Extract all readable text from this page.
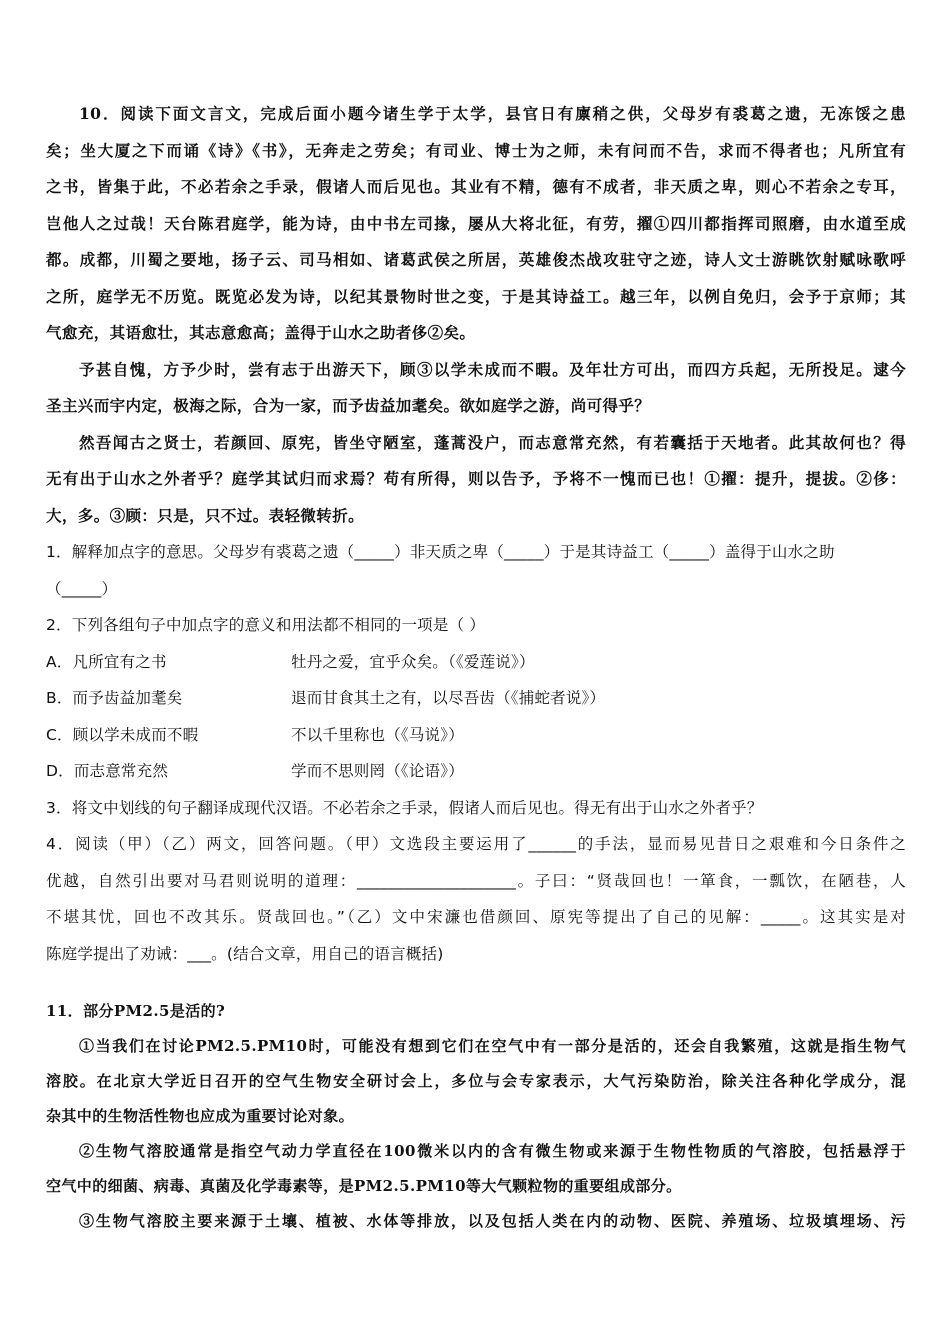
10．阅读下面文言文，完成后面小题今诸生学于太学，县官日有廪稍之供，父母岁有裘葛之遗，无冻馁之患
矣；坐大厦之下而诵《诗》《书》，无奔走之劳矣；有司业、博士为之师，未有问而不告，求而不得者也；凡所宜有
之书，皆集于此，不必若余之手录，假诸人而后见也。其业有不精，德有不成者，非天质之卑，则心不若余之专耳，
岂他人之过哉！天台陈君庭学，能为诗，由中书左司掾，屡从大将北征，有劳，擢①四川都指挥司照磨，由水道至成
都。成都，川蜀之要地，扬子云、司马相如、诸葛武侯之所居，英雄俊杰战攻驻守之迹，诗人文士游眺饮射赋咏歌呼
之所，庭学无不历览。既览必发为诗，以纪其景物时世之变，于是其诗益工。越三年，以例自免归，会予于京师；其
气愈充，其语愈壮，其志意愈高；盖得于山水之助者侈②矣。
予甚自愧，方予少时，尝有志于出游天下，顾③以学未成而不暇。及年壮方可出，而四方兵起，无所投足。逮今
圣主兴而宇内定，极海之际，合为一家，而予齿益加耄矣。欲如庭学之游，尚可得乎？
然吾闻古之贤士，若颜回、原宪，皆坐守陋室，蓬蒿没户，而志意常充然，有若囊括于天地者。此其故何也？得
无有出于山水之外者乎？庭学其试归而求焉？苟有所得，则以告予，予将不一愧而已也！①擢：提升，提拔。②侈：
大，多。③顾：只是，只不过。表轻微转折。
1．解释加点字的意思。父母岁有裘葛之遗（_____）非天质之卑（_____）于是其诗益工（_____）盖得于山水之助
（_____）
2．下列各组句子中加点字的意义和用法都不相同的一项是（ ）
A．凡所宜有之书	牡丹之爱，宜乎众矣。（《爱莲说》）
B．而予齿益加耄矣	退而甘食其土之有，以尽吾齿（《捕蛇者说》）
C．顾以学未成而不暇	不以千里称也（《马说》）
D．而志意常充然	学而不思则罔（《论语》）
3．将文中划线的句子翻译成现代汉语。不必若余之手录，假诸人而后见也。得无有出于山水之外者乎？
4．阅读（甲）（乙）两文，回答问题。（甲）文选段主要运用了______的手法，显而易见昔日之艰难和今日条件之
优越，自然引出要对马君则说明的道理：____________________。子曰：“贤哉回也！一箪食，一瓢饮，在陋巷，人
不堪其忧，回也不改其乐。贤哉回也。”（乙）文中宋濂也借颜回、原宪等提出了自己的见解：_____。这其实是对
陈庭学提出了劝诫：___。(结合文章，用自己的语言概括)
11．部分PM2.5是活的?
①当我们在讨论PM2.5.PM10时，可能没有想到它们在空气中有一部分是活的，还会自我繁殖，这就是指生物气
溶胶。在北京大学近日召开的空气生物安全研讨会上，多位与会专家表示，大气污染防治，除关注各种化学成分，混
杂其中的生物活性物也应成为重要讨论对象。
②生物气溶胶通常是指空气动力学直径在100微米以内的含有微生物或来源于生物性物质的气溶胶，包括悬浮于
空气中的细菌、病毒、真菌及化学毒素等，是PM2.5.PM10等大气颗粒物的重要组成部分。
③生物气溶胶主要来源于土壤、植被、水体等排放，以及包括人类在内的动物、医院、养殖场、垃圾填埋场、污
